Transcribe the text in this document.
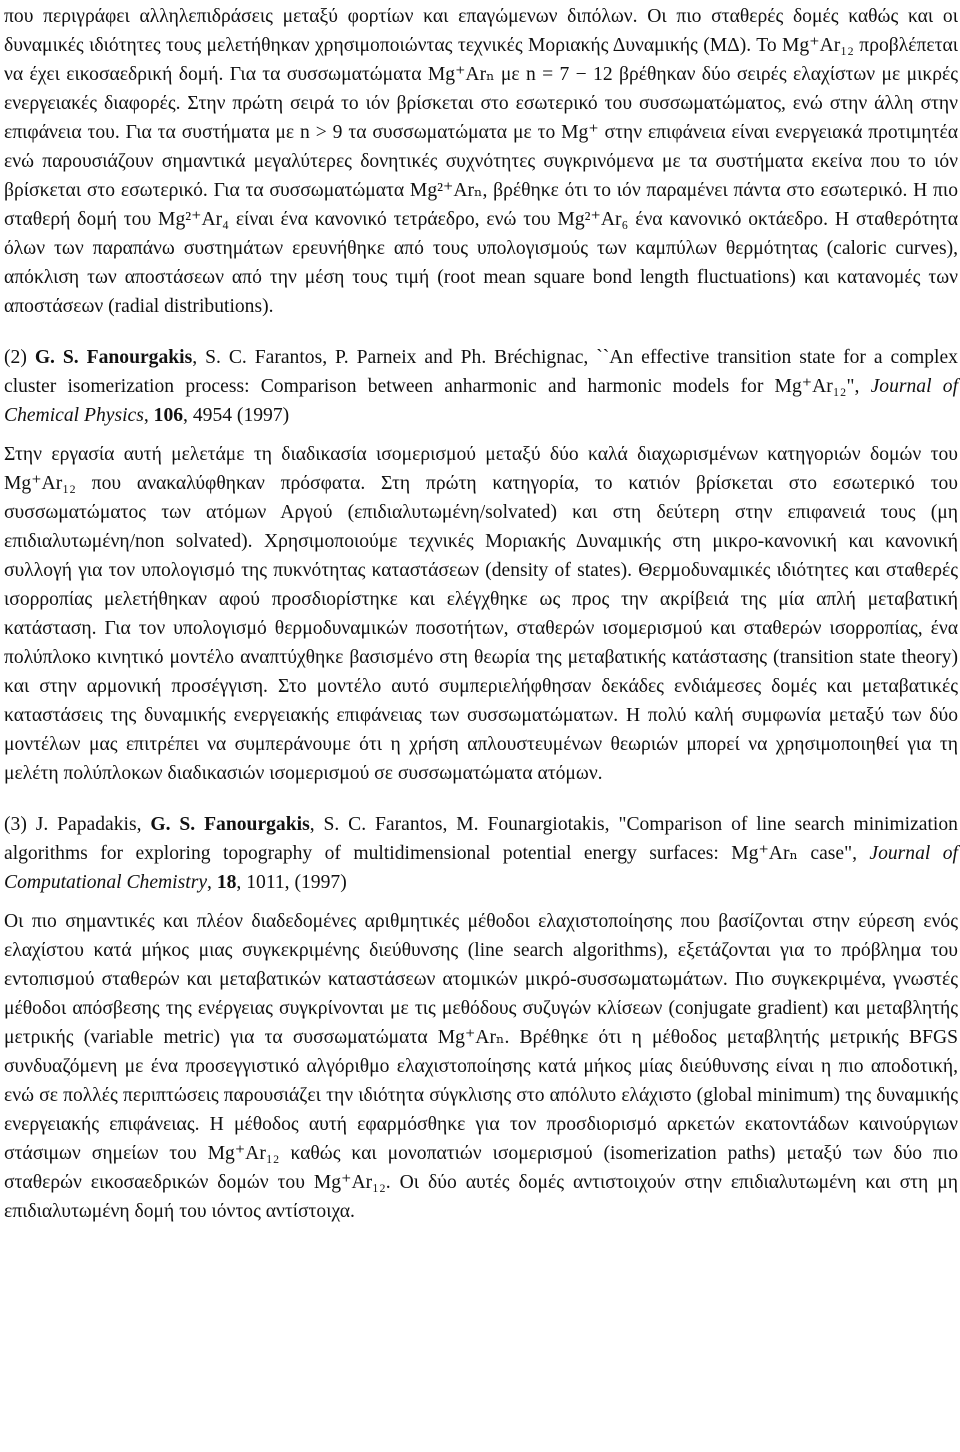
που περιγράφει αλληλεπιδράσεις μεταξύ φορτίων και επαγώμενων διπόλων. Οι πιο σταθερές δομές καθώς και οι δυναμικές ιδιότητες τους μελετήθηκαν χρησιμοποιώντας τεχνικές Μοριακής Δυναμικής (ΜΔ). Το Mg⁺Ar₁₂ προβλέπεται να έχει εικοσαεδρική δομή. Για τα συσσωματώματα Mg⁺Arₙ με n = 7 − 12 βρέθηκαν δύο σειρές ελαχίστων με μικρές ενεργειακές διαφορές. Στην πρώτη σειρά το ιόν βρίσκεται στο εσωτερικό του συσσωματώματος, ενώ στην άλλη στην επιφάνεια του. Για τα συστήματα με n > 9 τα συσσωματώματα με το Mg⁺ στην επιφάνεια είναι ενεργειακά προτιμητέα ενώ παρουσιάζουν σημαντικά μεγαλύτερες δονητικές συχνότητες συγκρινόμενα με τα συστήματα εκείνα που το ιόν βρίσκεται στο εσωτερικό. Για τα συσσωματώματα Mg²⁺Arₙ, βρέθηκε ότι το ιόν παραμένει πάντα στο εσωτερικό. Η πιο σταθερή δομή του Mg²⁺Ar₄ είναι ένα κανονικό τετράεδρο, ενώ του Mg²⁺Ar₆ ένα κανονικό οκτάεδρο. Η σταθερότητα όλων των παραπάνω συστημάτων ερευνήθηκε από τους υπολογισμούς των καμπύλων θερμότητας (caloric curves), απόκλιση των αποστάσεων από την μέση τους τιμή (root mean square bond length fluctuations) και κατανομές των αποστάσεων (radial distributions).

(2) G. S. Fanourgakis, S. C. Farantos, P. Parneix and Ph. Bréchignac, ``An effective transition state for a complex cluster isomerization process: Comparison between anharmonic and harmonic models for Mg⁺Ar₁₂", Journal of Chemical Physics, 106, 4954 (1997)

Στην εργασία αυτή μελετάμε τη διαδικασία ισομερισμού μεταξύ δύο καλά διαχωρισμένων κατηγοριών δομών του Mg⁺Ar₁₂ που ανακαλύφθηκαν πρόσφατα. Στη πρώτη κατηγορία, το κατιόν βρίσκεται στο εσωτερικό του συσσωματώματος των ατόμων Αργού (επιδιαλυτωμένη/solvated) και στη δεύτερη στην επιφανειά τους (μη επιδιαλυτωμένη/non solvated). Χρησιμοποιούμε τεχνικές Μοριακής Δυναμικής στη μικρο-κανονική και κανονική συλλογή για τον υπολογισμό της πυκνότητας καταστάσεων (density of states). Θερμοδυναμικές ιδιότητες και σταθερές ισορροπίας μελετήθηκαν αφού προσδιορίστηκε και ελέγχθηκε ως προς την ακρίβειά της μία απλή μεταβατική κατάσταση. Για τον υπολογισμό θερμοδυναμικών ποσοτήτων, σταθερών ισομερισμού και σταθερών ισορροπίας, ένα πολύπλοκο κινητικό μοντέλο αναπτύχθηκε βασισμένο στη θεωρία της μεταβατικής κατάστασης (transition state theory) και στην αρμονική προσέγγιση. Στο μοντέλο αυτό συμπεριελήφθησαν δεκάδες ενδιάμεσες δομές και μεταβατικές καταστάσεις της δυναμικής ενεργειακής επιφάνειας των συσσωματώματων. Η πολύ καλή συμφωνία μεταξύ των δύο μοντέλων μας επιτρέπει να συμπεράνουμε ότι η χρήση απλουστευμένων θεωριών μπορεί να χρησιμοποιηθεί για τη μελέτη πολύπλοκων διαδικασιών ισομερισμού σε συσσωματώματα ατόμων.

(3) J. Papadakis, G. S. Fanourgakis, S. C. Farantos, M. Founargiotakis, "Comparison of line search minimization algorithms for exploring topography of multidimensional potential energy surfaces: Mg⁺Arₙ case", Journal of Computational Chemistry, 18, 1011, (1997)

Οι πιο σημαντικές και πλέον διαδεδομένες αριθμητικές μέθοδοι ελαχιστοποίησης που βασίζονται στην εύρεση ενός ελαχίστου κατά μήκος μιας συγκεκριμένης διεύθυνσης (line search algorithms), εξετάζονται για το πρόβλημα του εντοπισμού σταθερών και μεταβατικών καταστάσεων ατομικών μικρό-συσσωματωμάτων. Πιο συγκεκριμένα, γνωστές μέθοδοι απόσβεσης της ενέργειας συγκρίνονται με τις μεθόδους συζυγών κλίσεων (conjugate gradient) και μεταβλητής μετρικής (variable metric) για τα συσσωματώματα Mg⁺Arₙ. Βρέθηκε ότι η μέθοδος μεταβλητής μετρικής BFGS συνδυαζόμενη με ένα προσεγγιστικό αλγόριθμο ελαχιστοποίησης κατά μήκος μίας διεύθυνσης είναι η πιο αποδοτική, ενώ σε πολλές περιπτώσεις παρουσιάζει την ιδιότητα σύγκλισης στο απόλυτο ελάχιστο (global minimum) της δυναμικής ενεργειακής επιφάνειας. Η μέθοδος αυτή εφαρμόσθηκε για τον προσδιορισμό αρκετών εκατοντάδων καινούργιων στάσιμων σημείων του Mg⁺Ar₁₂ καθώς και μονοπατιών ισομερισμού (isomerization paths) μεταξύ των δύο πιο σταθερών εικοσαεδρικών δομών του Mg⁺Ar₁₂. Οι δύο αυτές δομές αντιστοιχούν στην επιδιαλυτωμένη και στη μη επιδιαλυτωμένη δομή του ιόντος αντίστοιχα.
